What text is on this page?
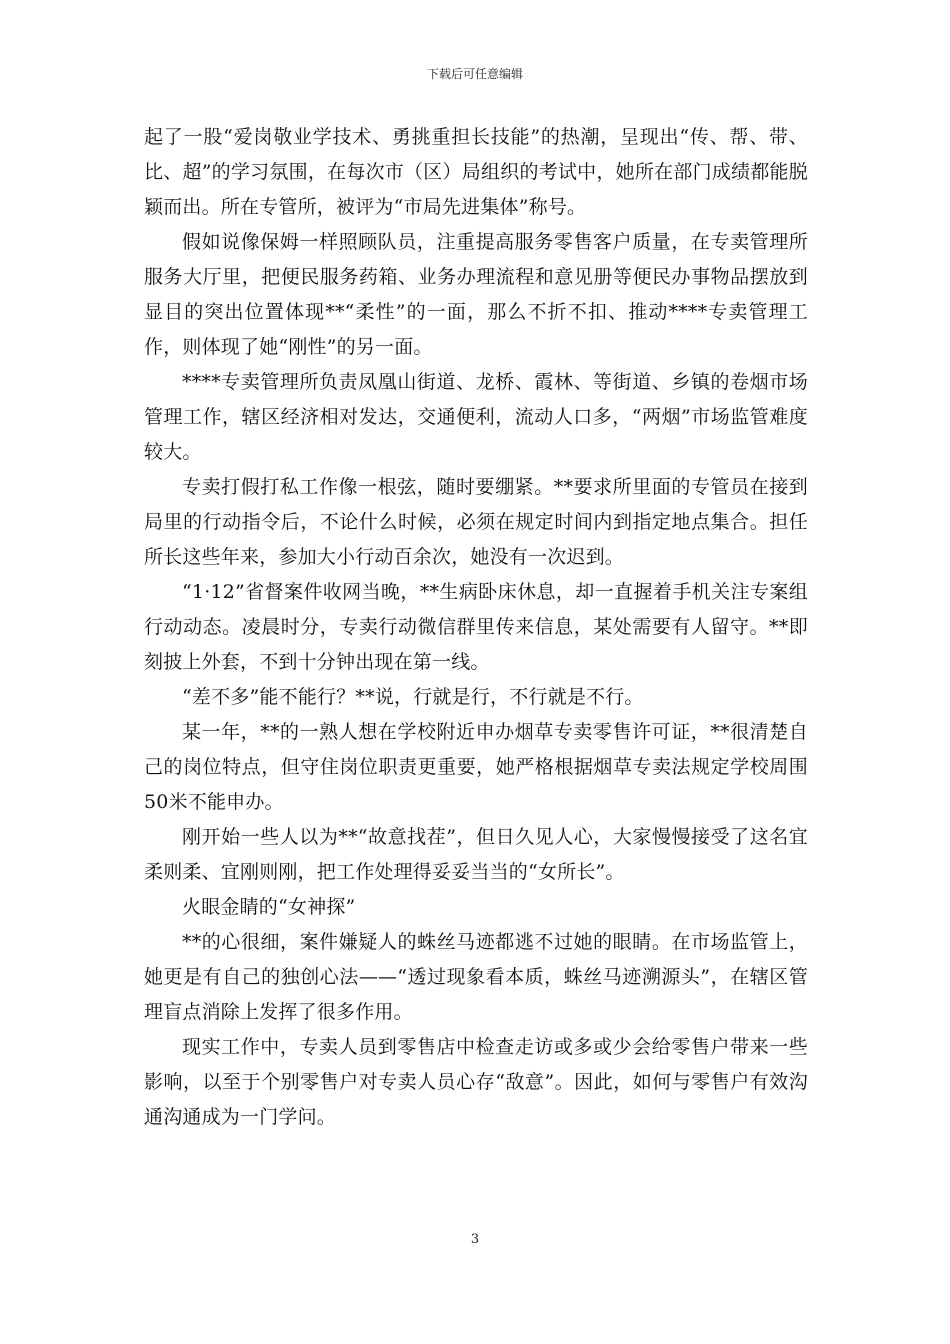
下载后可任意编辑

起了一股“爱岗敬业学技术、勇挑重担长技能”的热潮，呈现出“传、帮、带、比、超”的学习氛围，在每次市（区）局组织的考试中，她所在部门成绩都能脱颖而出。所在专管所，被评为“市局先进集体”称号。

假如说像保姆一样照顾队员，注重提高服务零售客户质量，在专卖管理所服务大厅里，把便民服务药箱、业务办理流程和意见册等便民办事物品摆放到显目的突出位置体现**“柔性”的一面，那么不折不扣、推动****专卖管理工作，则体现了她“刚性”的另一面。

****专卖管理所负责凤凰山街道、龙桥、霞林、等街道、乡镇的卷烟市场管理工作，辖区经济相对发达，交通便利，流动人口多，“两烟”市场监管难度较大。

专卖打假打私工作像一根弦，随时要绷紧。**要求所里面的专管员在接到局里的行动指令后，不论什么时候，必须在规定时间内到指定地点集合。担任所长这些年来，参加大小行动百余次，她没有一次迟到。

“1·12”省督案件收网当晚，**生病卧床休息，却一直握着手机关注专案组行动动态。凌晨时分，专卖行动微信群里传来信息，某处需要有人留守。**即刻披上外套，不到十分钟出现在第一线。

“差不多”能不能行？**说，行就是行，不行就是不行。

某一年，**的一熟人想在学校附近申办烟草专卖零售许可证，**很清楚自己的岗位特点，但守住岗位职责更重要，她严格根据烟草专卖法规定学校周围50米不能申办。

刚开始一些人以为**“故意找茬”，但日久见人心，大家慢慢接受了这名宜柔则柔、宜刚则刚，把工作处理得妥妥当当的“女所长”。

火眼金睛的“女神探”

**的心很细，案件嫌疑人的蛛丝马迹都逃不过她的眼睛。在市场监管上，她更是有自己的独创心法——“透过现象看本质，蛛丝马迹溯源头”，在辖区管理盲点消除上发挥了很多作用。

现实工作中，专卖人员到零售店中检查走访或多或少会给零售户带来一些影响，以至于个别零售户对专卖人员心存“敌意”。因此，如何与零售户有效沟通沟通成为一门学问。

3
